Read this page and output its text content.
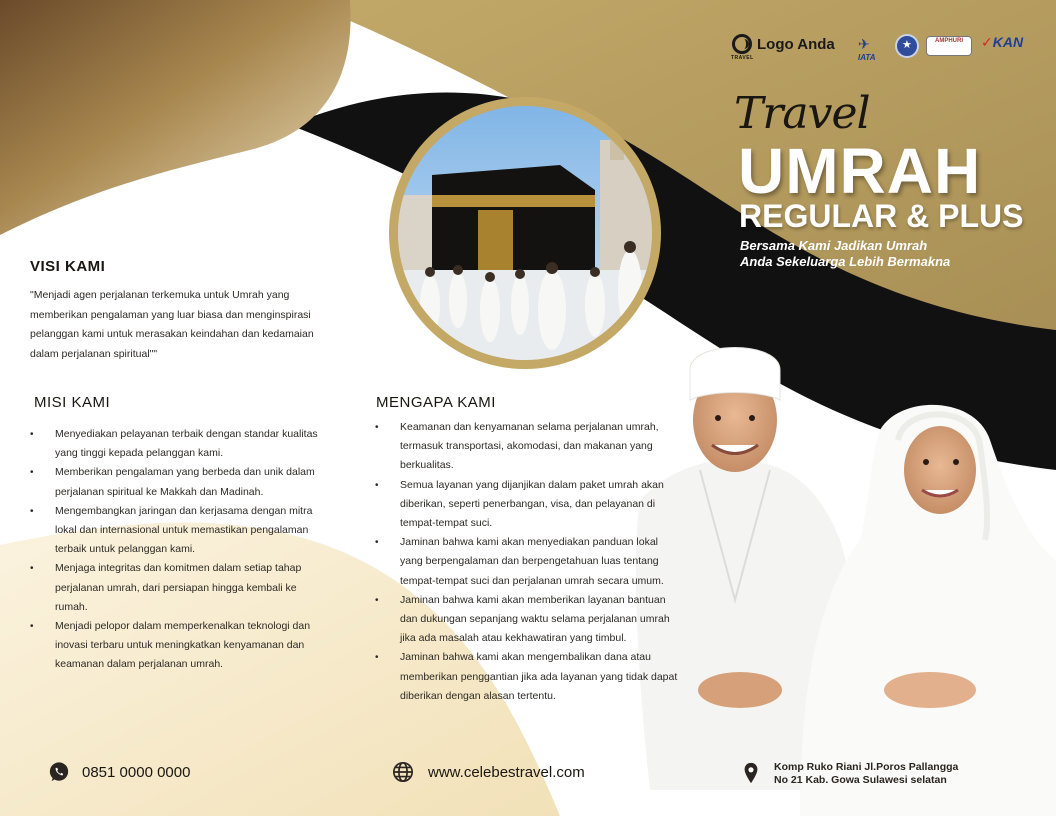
TRAVEL
Logo Anda ✈
IATA
★
AMPHURI	✓KAN
Travel
UMRAH
REGULAR & PLUS
Bersama Kami Jadikan Umrah
Anda Sekeluarga Lebih Bermakna
VISI KAMI
"Menjadi agen perjalanan terkemuka untuk Umrah yang memberikan pengalaman yang luar biasa dan menginspirasi pelanggan kami untuk merasakan keindahan dan kedamaian dalam perjalanan spiritual""
MISI KAMI
• Menyediakan pelayanan terbaik dengan standar kualitas yang tinggi kepada pelanggan kami.
• Memberikan pengalaman yang berbeda dan unik dalam perjalanan spiritual ke Makkah dan Madinah.
• Mengembangkan jaringan dan kerjasama dengan mitra lokal dan internasional untuk memastikan pengalaman terbaik untuk pelanggan kami.
• Menjaga integritas dan komitmen dalam setiap tahap perjalanan umrah, dari persiapan hingga kembali ke rumah.
• Menjadi pelopor dalam memperkenalkan teknologi dan inovasi terbaru untuk meningkatkan kenyamanan dan keamanan dalam perjalanan umrah.
MENGAPA KAMI
• Keamanan dan kenyamanan selama perjalanan umrah, termasuk transportasi, akomodasi, dan makanan yang berkualitas.
• Semua layanan yang dijanjikan dalam paket umrah akan diberikan, seperti penerbangan, visa, dan pelayanan di tempat-tempat suci.
• Jaminan bahwa kami akan menyediakan panduan lokal yang berpengalaman dan berpengetahuan luas tentang tempat-tempat suci dan perjalanan umrah secara umum.
• Jaminan bahwa kami akan memberikan layanan bantuan dan dukungan sepanjang waktu selama perjalanan umrah jika ada masalah atau kekhawatiran yang timbul.
• Jaminan bahwa kami akan mengembalikan dana atau memberikan penggantian jika ada layanan yang tidak dapat diberikan dengan alasan tertentu.
0851 0000 0000	www.celebestravel.com	Komp Ruko Riani Jl.Poros Pallangga
No 21 Kab. Gowa Sulawesi selatan
